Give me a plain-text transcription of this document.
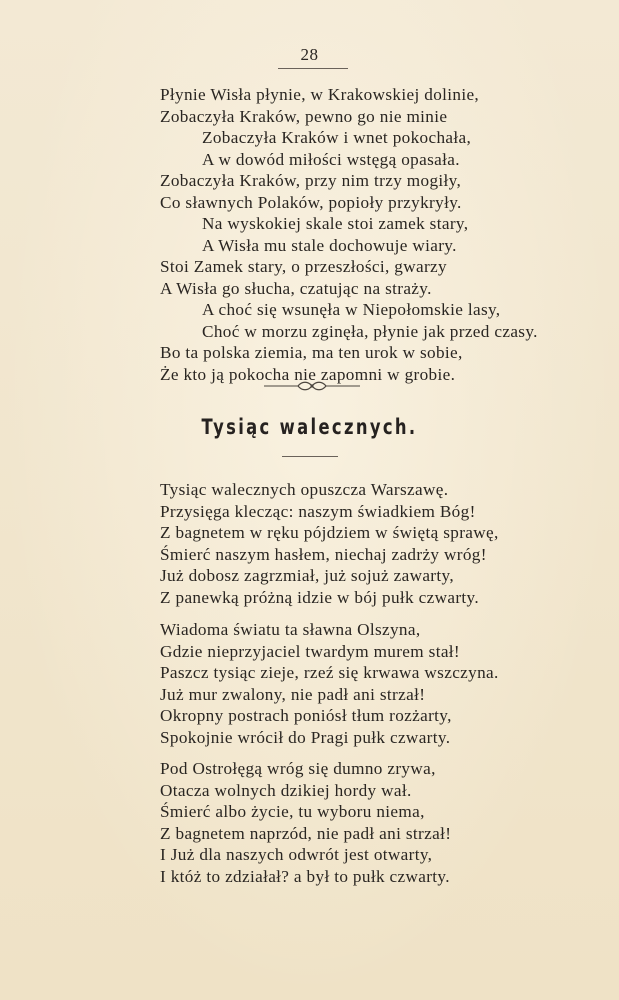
28
Płynie Wisła płynie, w Krakowskiej dolinie,
Zobaczyła Kraków, pewno go nie minie
Zobaczyła Kraków i wnet pokochała,
A w dowód miłości wstęgą opasała.
Zobaczyła Kraków, przy nim trzy mogiły,
Co sławnych Polaków, popioły przykryły.
Na wyskokiej skale stoi zamek stary,
A Wisła mu stale dochowuje wiary.
Stoi Zamek stary, o przeszłości, gwarzy
A Wisła go słucha, czatując na straży.
A choć się wsunęła w Niepołomskie lasy,
Choć w morzu zginęła, płynie jak przed czasy.
Bo ta polska ziemia, ma ten urok w sobie,
Że kto ją pokocha nie zapomni w grobie.
Tysiąc walecznych.
Tysiąc walecznych opuszcza Warszawę.
Przysięga klecząc: naszym świadkiem Bóg!
Z bagnetem w ręku pójdziem w świętą sprawę,
Śmierć naszym hasłem, niechaj zadrży wróg!
Już dobosz zagrzmiał, już sojuż zawarty,
Z panewką próżną idzie w bój pułk czwarty.
Wiadoma światu ta sławna Olszyna,
Gdzie nieprzyjaciel twardym murem stał!
Paszcz tysiąc zieje, rzeź się krwawa wszczyna.
Już mur zwalony, nie padł ani strzał!
Okropny postrach poniósł tłum rozżarty,
Spokojnie wrócił do Pragi pułk czwarty.
Pod Ostrołęgą wróg się dumno zrywa,
Otacza wolnych dzikiej hordy wał.
Śmierć albo życie, tu wyboru niema,
Z bagnetem naprzód, nie padł ani strzał!
I Już dla naszych odwrót jest otwarty,
I któż to zdziałał? a był to pułk czwarty.
